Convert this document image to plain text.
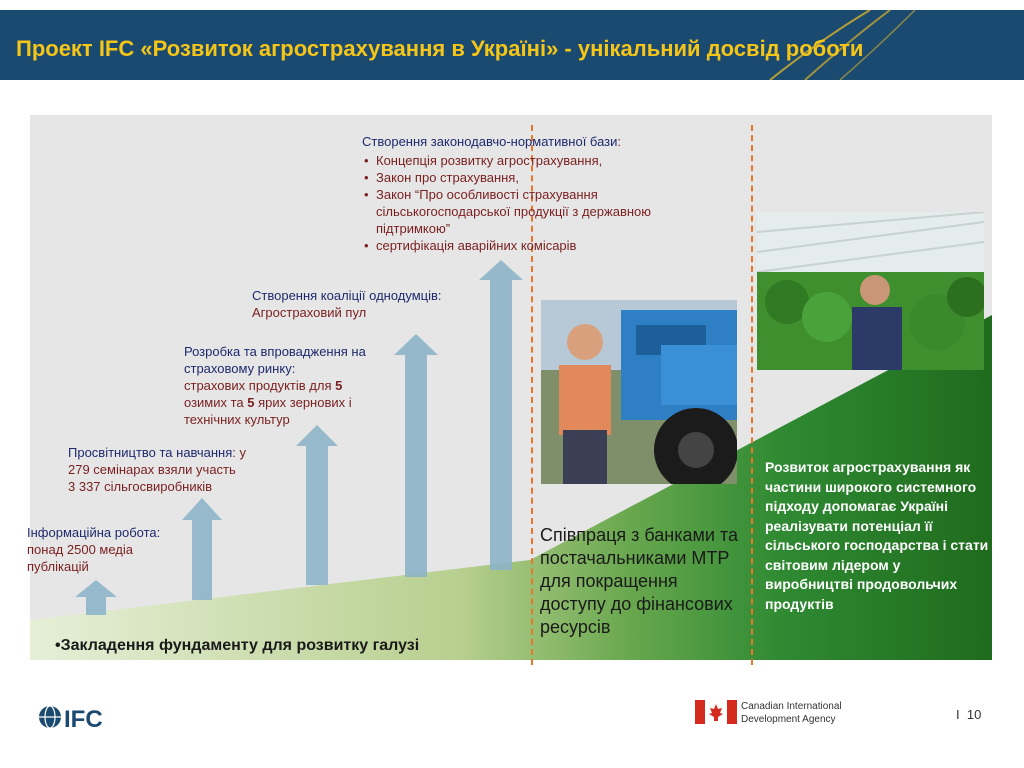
Проект IFC «Розвиток агрострахування в Україні» - унікальний досвід роботи
Створення законодавчо-нормативної бази:
• Концепція розвитку агрострахування,
• Закон про страхування,
• Закон “Про особливості страхування сільськогосподарської продукції з державною підтримкою”
• сертифікація аварійних комісарів
Створення коаліції однодумців:
Агростраховий пул
Розробка та впровадження на страховому ринку:
страхових продуктів для 5
озимих та 5 ярих зернових і
технічних культур
Просвітництво та навчання: у
279 семінарах взяли участь
3 337 сільгосвиробників
Інформаційна робота:
понад 2500 медіа публікацій
Співпраця з банками та постачальниками МТР для покращення доступу до фінансових ресурсів
Розвиток агрострахування як частини широкого системного підходу допомагає Україні реалізувати потенціал її сільського господарства і стати світовим лідером у виробництві продовольчих продуктів
•Закладення фундаменту для розвитку галузі
IFC	Canadian International
Development Agency	I 10
